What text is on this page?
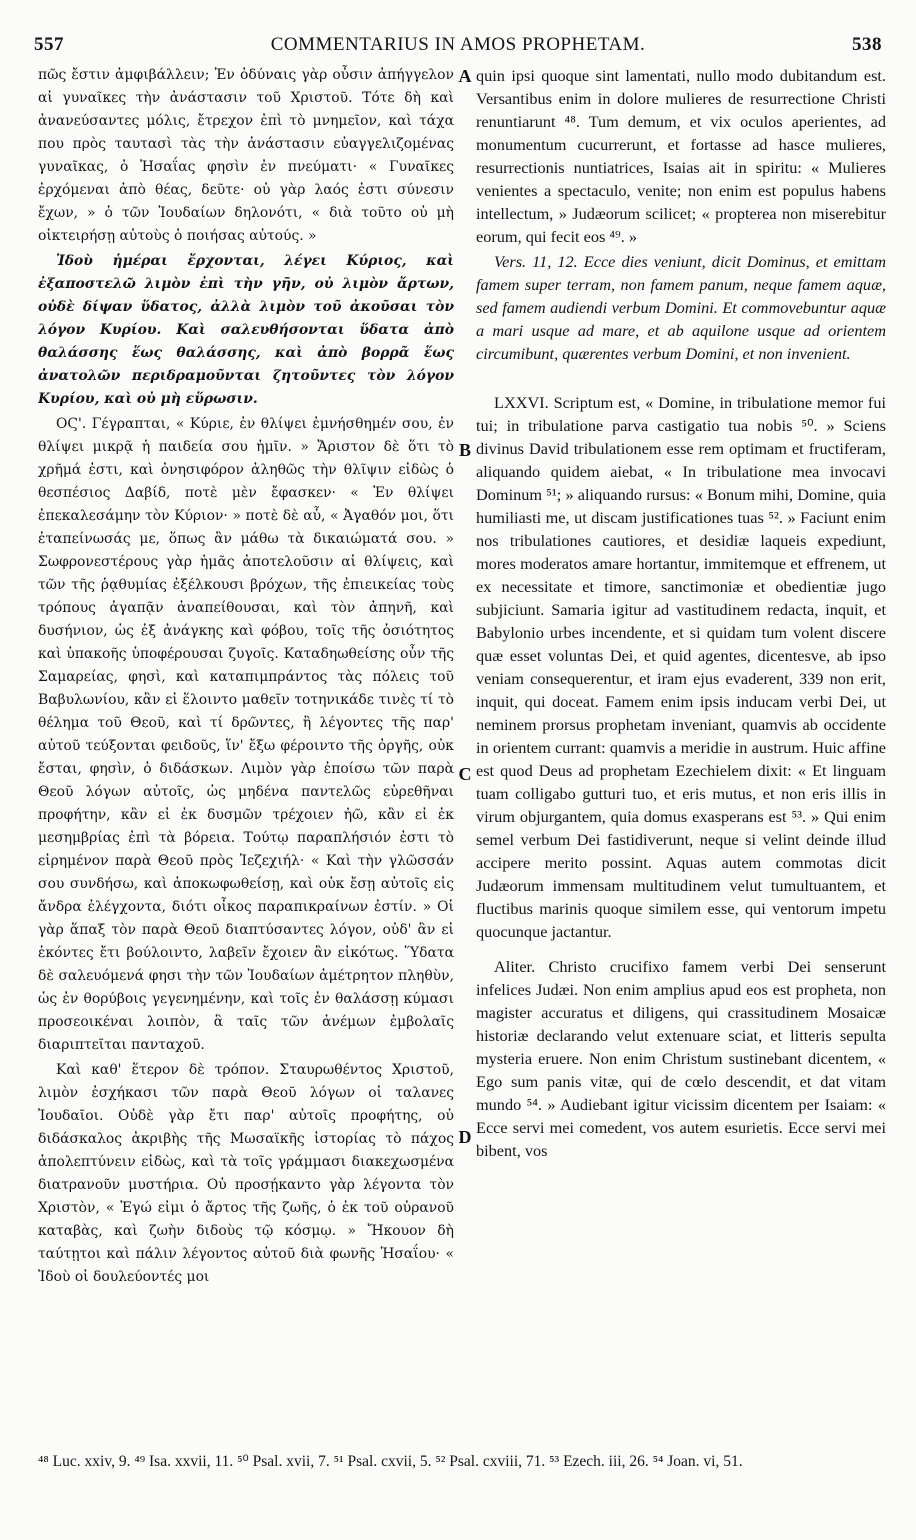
557	COMMENTARIUS IN AMOS PROPHETAM.	538

πῶς ἔστιν ἀμφιβάλλειν; Ἐν ὀδύναις γὰρ οὖσιν ἀπήγγελον αἱ γυναῖκες τὴν ἀνάστασιν τοῦ Χριστοῦ. Τότε δὴ καὶ ἀνανεύσαντες μόλις, ἔτρεχον ἐπὶ τὸ μνημεῖον, καὶ τάχα που πρὸς ταυτασὶ τὰς τὴν ἀνάστασιν εὐαγγελιζομένας γυναῖκας, ὁ Ἡσαΐας φησὶν ἐν πνεύματι· « Γυναῖκες ἐρχόμεναι ἀπὸ θέας, δεῦτε· οὐ γὰρ λαός ἐστι σύνεσιν ἔχων, » ὁ τῶν Ἰουδαίων δηλονότι, « διὰ τοῦτο οὐ μὴ οἰκτειρήσῃ αὐτοὺς ὁ ποιήσας αὐτούς. »

Ἰδοὺ ἡμέραι ἔρχονται, λέγει Κύριος, καὶ ἐξαποστελῶ λιμὸν ἐπὶ τὴν γῆν, οὐ λιμὸν ἄρτων, οὐδὲ δίψαν ὕδατος, ἀλλὰ λιμὸν τοῦ ἀκοῦσαι τὸν λόγον Κυρίου. Καὶ σαλευθήσονται ὕδατα ἀπὸ θαλάσσης ἕως θαλάσσης, καὶ ἀπὸ βορρᾶ ἕως ἀνατολῶν περιδραμοῦνται ζητοῦντες τὸν λόγον Κυρίου, καὶ οὐ μὴ εὕρωσιν.

ΟϚ'. Γέγραπται, « Κύριε, ἐν θλίψει ἐμνήσθημέν σου, ἐν θλίψει μικρᾷ ἡ παιδεία σου ἡμῖν. » Ἄριστον δὲ ὅτι τὸ χρῆμά ἐστι, καὶ ὀνησιφόρον ἀληθῶς τὴν θλῖψιν εἰδὼς ὁ θεσπέσιος Δαβίδ, ποτὲ μὲν ἔφασκεν· « Ἐν θλίψει ἐπεκαλεσάμην τὸν Κύριον· » ποτὲ δὲ αὖ, « Ἀγαθόν μοι, ὅτι ἐταπείνωσάς με, ὅπως ἂν μάθω τὰ δικαιώματά σου. » Σωφρονεστέρους γὰρ ἡμᾶς ἀποτελοῦσιν αἱ θλίψεις, καὶ τῶν τῆς ῥᾳθυμίας ἐξέλκουσι βρόχων, τῆς ἐπιεικείας τοὺς τρόπους ἀγαπᾷν ἀναπείθουσαι, καὶ τὸν ἀπηνῆ, καὶ δυσήνιον, ὡς ἐξ ἀνάγκης καὶ φόβου, τοῖς τῆς ὁσιότητος καὶ ὑπακοῆς ὑποφέρουσαι ζυγοῖς. Καταδηωθείσης οὖν τῆς Σαμαρείας, φησὶ, καὶ καταπιμπράντος τὰς πόλεις τοῦ Βαβυλωνίου, κἂν εἰ ἕλοιντο μαθεῖν τοτηνικάδε τινὲς τί τὸ θέλημα τοῦ Θεοῦ, καὶ τί δρῶντες, ἢ λέγοντες τῆς παρ' αὐτοῦ τεύξονται φειδοῦς, ἵν' ἔξω φέροιντο τῆς ὀργῆς, οὐκ ἔσται, φησὶν, ὁ διδάσκων. Λιμὸν γὰρ ἐποίσω τῶν παρὰ Θεοῦ λόγων αὐτοῖς, ὡς μηδένα παντελῶς εὑρεθῆναι προφήτην, κἂν εἰ ἐκ δυσμῶν τρέχοιεν ἠῶ, κἂν εἰ ἐκ μεσημβρίας ἐπὶ τὰ βόρεια. Τούτῳ παραπλήσιόν ἐστι τὸ εἰρημένον παρὰ Θεοῦ πρὸς Ἰεζεχιήλ· « Καὶ τὴν γλῶσσάν σου συνδήσω, καὶ ἀποκωφωθείσῃ, καὶ οὐκ ἔσῃ αὐτοῖς εἰς ἄνδρα ἐλέγχοντα, διότι οἶκος παραπικραίνων ἐστίν. » Οἱ γὰρ ἅπαξ τὸν παρὰ Θεοῦ διαπτύσαντες λόγον, οὐδ' ἂν εἰ ἑκόντες ἔτι βούλοιντο, λαβεῖν ἔχοιεν ἂν εἰκότως. Ὕδατα δὲ σαλευόμενά φησι τὴν τῶν Ἰουδαίων ἀμέτρητον πληθὺν, ὡς ἐν θορύβοις γεγενημένην, καὶ τοῖς ἐν θαλάσσῃ κύμασι προσεοικέναι λοιπὸν, ἃ ταῖς τῶν ἀνέμων ἐμβολαῖς διαριπτεῖται πανταχοῦ.

Καὶ καθ' ἕτερον δὲ τρόπον. Σταυρωθέντος Χριστοῦ, λιμὸν ἐσχήκασι τῶν παρὰ Θεοῦ λόγων οἱ ταλανες Ἰουδαῖοι. Οὐδὲ γὰρ ἔτι παρ' αὐτοῖς προφήτης, οὐ διδάσκαλος ἀκριβὴς τῆς Μωσαϊκῆς ἱστορίας τὸ πάχος ἀπολεπτύνειν εἰδὼς, καὶ τὰ τοῖς γράμμασι διακεχωσμένα διατρανοῦν μυστήρια. Οὐ προσῄκαντο γὰρ λέγοντα τὸν Χριστὸν, « Ἐγώ εἰμι ὁ ἄρτος τῆς ζωῆς, ὁ ἐκ τοῦ οὐρανοῦ καταβὰς, καὶ ζωὴν διδοὺς τῷ κόσμῳ. » Ἤκουον δὴ ταύτῃτοι καὶ πάλιν λέγοντος αὐτοῦ διὰ φωνῆς Ἡσαΐου· « Ἰδοὺ οἱ δουλεύοντές μοι

A
B
C
D

quin ipsi quoque sint lamentati, nullo modo dubitandum est. Versantibus enim in dolore mulieres de resurrectione Christi renuntiarunt ⁴⁸. Tum demum, et vix oculos aperientes, ad monumentum cucurrerunt, et fortasse ad hasce mulieres, resurrectionis nuntiatrices, Isaias ait in spiritu: « Mulieres venientes a spectaculo, venite; non enim est populus habens intellectum, » Judæorum scilicet; « propterea non miserebitur eorum, qui fecit eos ⁴⁹. »

Vers. 11, 12. Ecce dies veniunt, dicit Dominus, et emittam famem super terram, non famem panum, neque famem aquæ, sed famem audiendi verbum Domini. Et commovebuntur aquæ a mari usque ad mare, et ab aquilone usque ad orientem circumibunt, quærentes verbum Domini, et non invenient.

LXXVI. Scriptum est, « Domine, in tribulatione memor fui tui; in tribulatione parva castigatio tua nobis ⁵⁰. » Sciens divinus David tribulationem esse rem optimam et fructiferam, aliquando quidem aiebat, « In tribulatione mea invocavi Dominum ⁵¹; » aliquando rursus: « Bonum mihi, Domine, quia humiliasti me, ut discam justificationes tuas ⁵². » Faciunt enim nos tribulationes cautiores, et desidiæ laqueis expediunt, mores moderatos amare hortantur, immitemque et effrenem, ut ex necessitate et timore, sanctimoniæ et obedientiæ jugo subjiciunt. Samaria igitur ad vastitudinem redacta, inquit, et Babylonio urbes incendente, et si quidam tum volent discere quæ esset voluntas Dei, et quid agentes, dicentesve, ab ipso veniam consequerentur, et iram ejus evaderent, 339 non erit, inquit, qui doceat. Famem enim ipsis inducam verbi Dei, ut neminem prorsus prophetam inveniant, quamvis ab occidente in orientem currant: quamvis a meridie in austrum. Huic affine est quod Deus ad prophetam Ezechielem dixit: « Et linguam tuam colligabo gutturi tuo, et eris mutus, et non eris illis in virum objurgantem, quia domus exasperans est ⁵³. » Qui enim semel verbum Dei fastidiverunt, neque si velint deinde illud accipere merito possint. Aquas autem commotas dicit Judæorum immensam multitudinem velut tumultuantem, et fluctibus marinis quoque similem esse, qui ventorum impetu quocunque jactantur.

Aliter. Christo crucifixo famem verbi Dei senserunt infelices Judæi. Non enim amplius apud eos est propheta, non magister accuratus et diligens, qui crassitudinem Mosaicæ historiæ declarando velut extenuare sciat, et litteris sepulta mysteria eruere. Non enim Christum sustinebant dicentem, « Ego sum panis vitæ, qui de cœlo descendit, et dat vitam mundo ⁵⁴. » Audiebant igitur vicissim dicentem per Isaiam: « Ecce servi mei comedent, vos autem esurietis. Ecce servi mei bibent, vos

⁴⁸ Luc. xxiv, 9. ⁴⁹ Isa. xxvii, 11. ⁵⁰ Psal. xvii, 7. ⁵¹ Psal. cxvii, 5. ⁵² Psal. cxviii, 71. ⁵³ Ezech. iii, 26. ⁵⁴ Joan. vi, 51.
